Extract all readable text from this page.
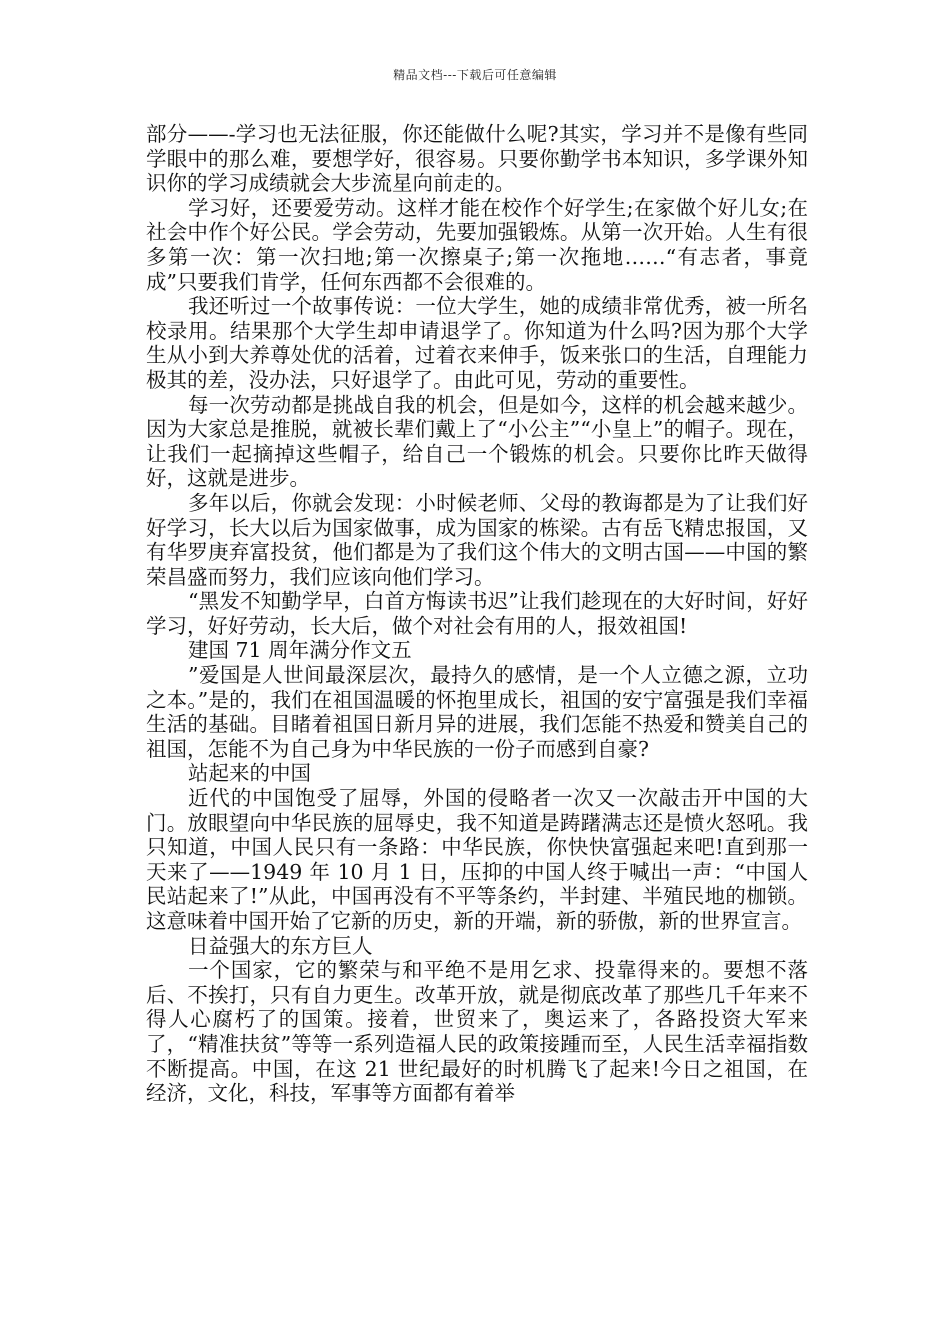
精品文档---下载后可任意编辑

部分——-学习也无法征服，你还能做什么呢?其实，学习并不是像有些同学眼中的那么难，要想学好，很容易。只要你勤学书本知识，多学课外知识你的学习成绩就会大步流星向前走的。

学习好，还要爱劳动。这样才能在校作个好学生;在家做个好儿女;在社会中作个好公民。学会劳动，先要加强锻炼。从第一次开始。人生有很多第一次：第一次扫地;第一次擦桌子;第一次拖地……“有志者，事竟成”只要我们肯学，任何东西都不会很难的。

我还听过一个故事传说：一位大学生，她的成绩非常优秀，被一所名校录用。结果那个大学生却申请退学了。你知道为什么吗?因为那个大学生从小到大养尊处优的活着，过着衣来伸手，饭来张口的生活，自理能力极其的差，没办法，只好退学了。由此可见，劳动的重要性。

每一次劳动都是挑战自我的机会，但是如今，这样的机会越来越少。因为大家总是推脱，就被长辈们戴上了“小公主”“小皇上”的帽子。现在，让我们一起摘掉这些帽子，给自己一个锻炼的机会。只要你比昨天做得好，这就是进步。

多年以后，你就会发现：小时候老师、父母的教诲都是为了让我们好好学习，长大以后为国家做事，成为国家的栋梁。古有岳飞精忠报国，又有华罗庚弃富投贫，他们都是为了我们这个伟大的文明古国——中国的繁荣昌盛而努力，我们应该向他们学习。

“黑发不知勤学早，白首方悔读书迟”让我们趁现在的大好时间，好好学习，好好劳动，长大后，做个对社会有用的人，报效祖国!

建国 71 周年满分作文五

”爱国是人世间最深层次，最持久的感情，是一个人立德之源，立功之本。”是的，我们在祖国温暖的怀抱里成长，祖国的安宁富强是我们幸福生活的基础。目睹着祖国日新月异的进展，我们怎能不热爱和赞美自己的祖国，怎能不为自己身为中华民族的一份子而感到自豪?

站起来的中国

近代的中国饱受了屈辱，外国的侵略者一次又一次敲击开中国的大门。放眼望向中华民族的屈辱史，我不知道是踌躇满志还是愤火怒吼。我只知道，中国人民只有一条路：中华民族，你快快富强起来吧!直到那一天来了——1949 年 10 月 1 日，压抑的中国人终于喊出一声：“中国人民站起来了!”从此，中国再没有不平等条约，半封建、半殖民地的枷锁。这意味着中国开始了它新的历史，新的开端，新的骄傲，新的世界宣言。

日益强大的东方巨人

一个国家，它的繁荣与和平绝不是用乞求、投靠得来的。要想不落后、不挨打，只有自力更生。改革开放，就是彻底改革了那些几千年来不得人心腐朽了的国策。接着，世贸来了，奥运来了，各路投资大军来了，“精准扶贫”等等一系列造福人民的政策接踵而至，人民生活幸福指数不断提高。中国，在这 21 世纪最好的时机腾飞了起来!今日之祖国，在经济，文化，科技，军事等方面都有着举
